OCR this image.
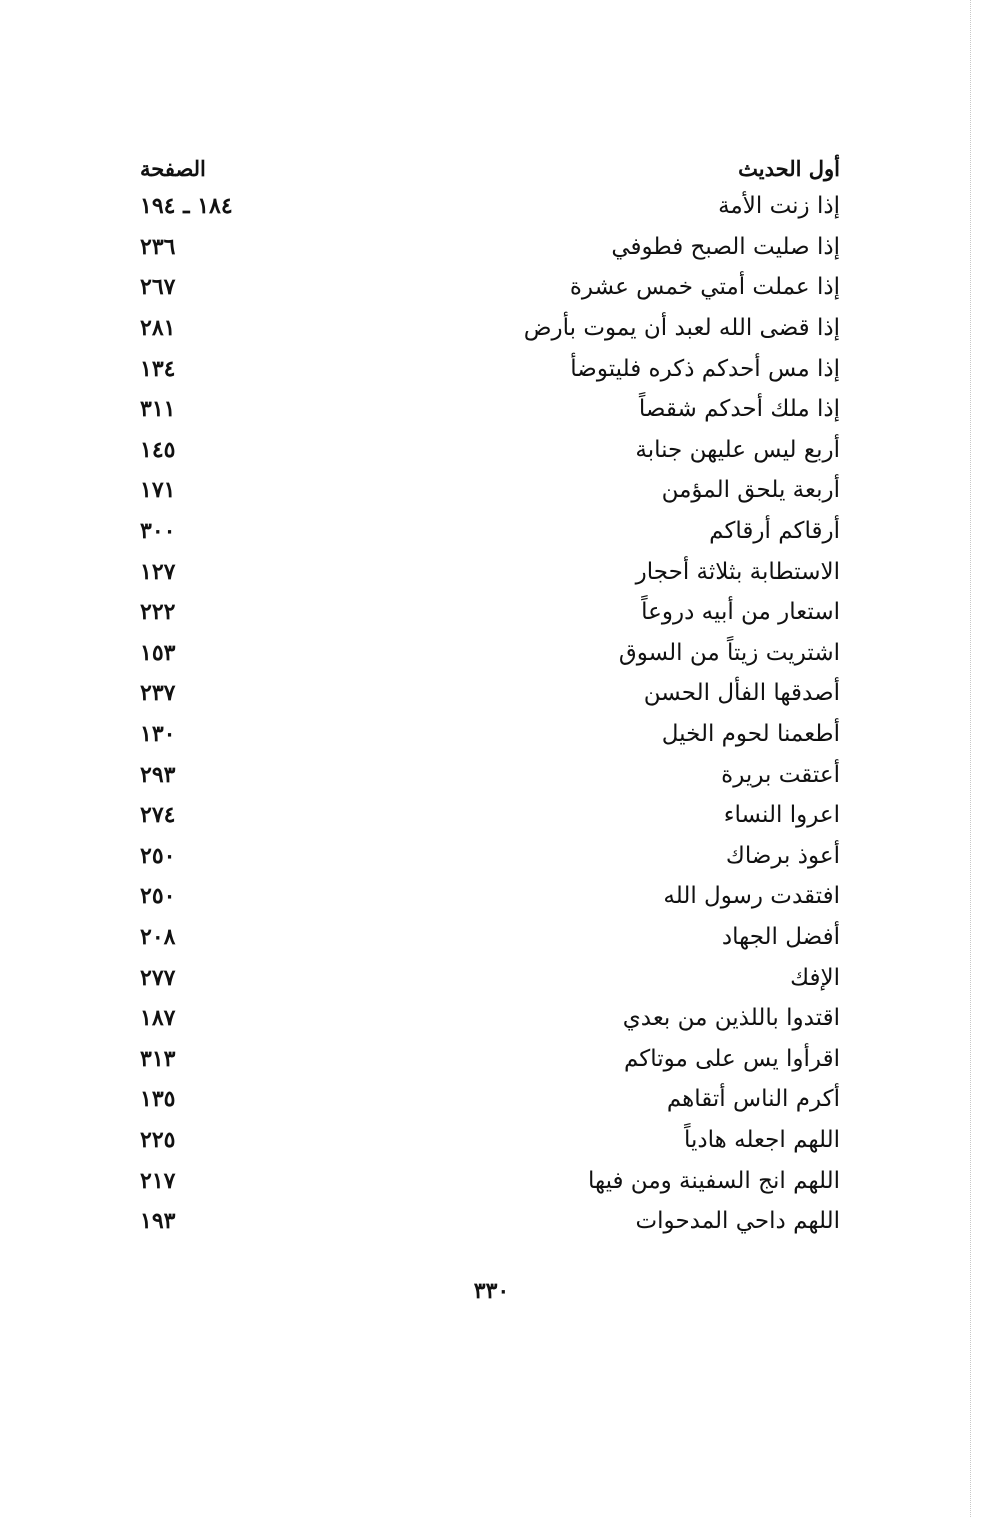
أول الحديث
الصفحة
إذا زنت الأمة
١٨٤ ـ ١٩٤
إذا صليت الصبح فطوفي
٢٣٦
إذا عملت أمتي خمس عشرة
٢٦٧
إذا قضى الله لعبد أن يموت بأرض
٢٨١
إذا مس أحدكم ذكره فليتوضأ
١٣٤
إذا ملك أحدكم شقصاً
٣١١
أربع ليس عليهن جنابة
١٤٥
أربعة يلحق المؤمن
١٧١
أرقاكم أرقاكم
٣٠٠
الاستطابة بثلاثة أحجار
١٢٧
استعار من أبيه دروعاً
٢٢٢
اشتريت زيتاً من السوق
١٥٣
أصدقها الفأل الحسن
٢٣٧
أطعمنا لحوم الخيل
١٣٠
أعتقت بريرة
٢٩٣
اعروا النساء
٢٧٤
أعوذ برضاك
٢٥٠
افتقدت رسول الله
٢٥٠
أفضل الجهاد
٢٠٨
الإفك
٢٧٧
اقتدوا باللذين من بعدي
١٨٧
اقرأوا يس على موتاكم
٣١٣
أكرم الناس أتقاهم
١٣٥
اللهم اجعله هادياً
٢٢٥
اللهم انج السفينة ومن فيها
٢١٧
اللهم داحي المدحوات
١٩٣
٣٣٠
